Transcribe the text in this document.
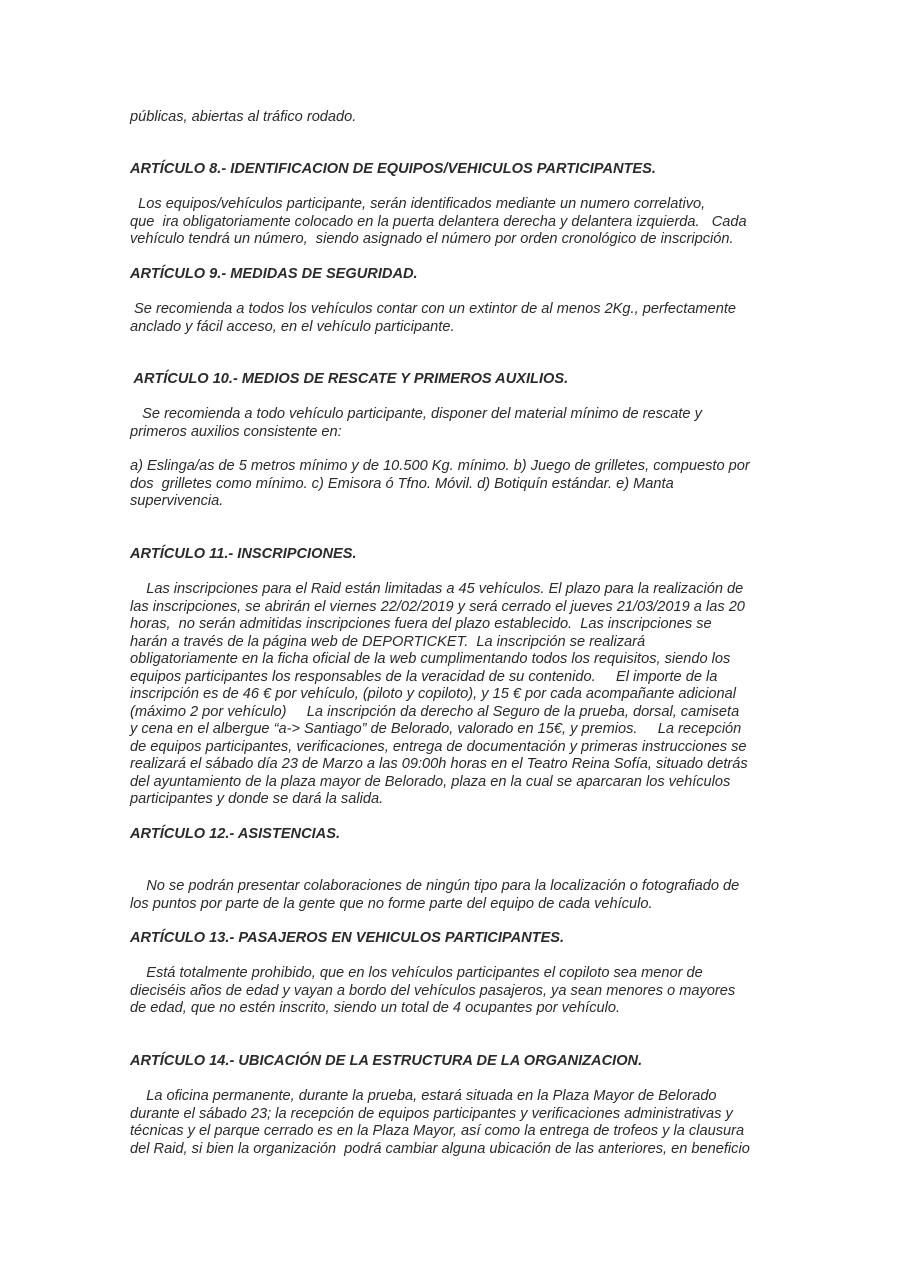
públicas, abiertas al tráfico rodado.
ARTÍCULO 8.- IDENTIFICACION DE EQUIPOS/VEHICULOS PARTICIPANTES.
Los equipos/vehículos participante, serán identificados mediante un numero correlativo,
que  ira obligatoriamente colocado en la puerta delantera derecha y delantera izquierda.   Cada
vehículo tendrá un número,  siendo asignado el número por orden cronológico de inscripción.
ARTÍCULO 9.- MEDIDAS DE SEGURIDAD.
Se recomienda a todos los vehículos contar con un extintor de al menos 2Kg., perfectamente
anclado y fácil acceso, en el vehículo participante.
ARTÍCULO 10.- MEDIOS DE RESCATE Y PRIMEROS AUXILIOS.
Se recomienda a todo vehículo participante, disponer del material mínimo de rescate y
primeros auxilios consistente en:
a) Eslinga/as de 5 metros mínimo y de 10.500 Kg. mínimo. b) Juego de grilletes, compuesto por
dos  grilletes como mínimo. c) Emisora ó Tfno. Móvil. d) Botiquín estándar. e) Manta
supervivencia.
ARTÍCULO 11.- INSCRIPCIONES.
Las inscripciones para el Raid están limitadas a 45 vehículos. El plazo para la realización de
las inscripciones, se abrirán el viernes 22/02/2019 y será cerrado el jueves 21/03/2019 a las 20
horas,  no serán admitidas inscripciones fuera del plazo establecido.  Las inscripciones se
harán a través de la página web de DEPORTICKET.  La inscripción se realizará
obligatoriamente en la ficha oficial de la web cumplimentando todos los requisitos, siendo los
equipos participantes los responsables de la veracidad de su contenido.     El importe de la
inscripción es de 46 € por vehículo, (piloto y copiloto), y 15 € por cada acompañante adicional
(máximo 2 por vehículo)     La inscripción da derecho al Seguro de la prueba, dorsal, camiseta
y cena en el albergue “a-> Santiago” de Belorado, valorado en 15€, y premios.     La recepción
de equipos participantes, verificaciones, entrega de documentación y primeras instrucciones se
realizará el sábado día 23 de Marzo a las 09:00h horas en el Teatro Reina Sofía, situado detrás
del ayuntamiento de la plaza mayor de Belorado, plaza en la cual se aparcaran los vehículos
participantes y donde se dará la salida.
ARTÍCULO 12.- ASISTENCIAS.
No se podrán presentar colaboraciones de ningún tipo para la localización o fotografiado de
los puntos por parte de la gente que no forme parte del equipo de cada vehículo.
ARTÍCULO 13.- PASAJEROS EN VEHICULOS PARTICIPANTES.
Está totalmente prohibido, que en los vehículos participantes el copiloto sea menor de
dieciséis años de edad y vayan a bordo del vehículos pasajeros, ya sean menores o mayores
de edad, que no estén inscrito, siendo un total de 4 ocupantes por vehículo.
ARTÍCULO 14.- UBICACIÓN DE LA ESTRUCTURA DE LA ORGANIZACION.
La oficina permanente, durante la prueba, estará situada en la Plaza Mayor de Belorado
durante el sábado 23; la recepción de equipos participantes y verificaciones administrativas y
técnicas y el parque cerrado es en la Plaza Mayor, así como la entrega de trofeos y la clausura
del Raid, si bien la organización  podrá cambiar alguna ubicación de las anteriores, en beneficio
